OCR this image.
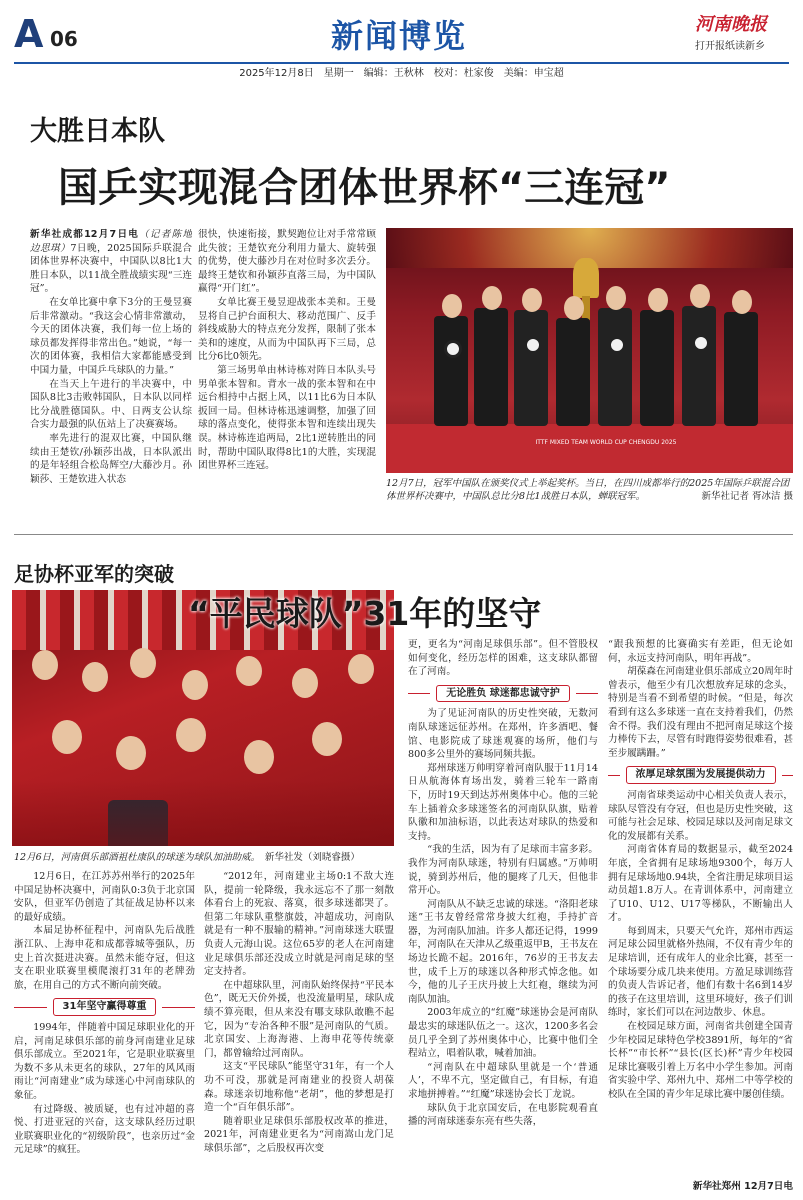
A 06	新闻博览	河南晚报
打开报纸读新乡
2025年12月8日　星期一　编辑：王秋林　校对：杜家俊　美编：申宝超
大胜日本队
国乒实现混合团体世界杯“三连冠”

新华社成都12月7日电（记者陈地　边思琪）7日晚，2025国际乒联混合团体世界杯决赛中，中国队以8比1大胜日本队，以11战全胜战绩实现“三连冠”。

在女单比赛中拿下3分的王曼昱赛后非常激动。“我这会心情非常激动，今天的团体决赛，我们每一位上场的球员都发挥得非常出色。”她说，“每一次的团体赛，我相信大家都能感受到中国力量，中国乒乓球队的力量。”

在当天上午进行的半决赛中，中国队8比3击败韩国队，日本队以同样比分战胜德国队。中、日两支公认综合实力最强的队伍站上了决赛赛场。

率先进行的混双比赛，中国队继续由王楚钦/孙颖莎出战，日本队派出的是年轻组合松岛辉空/大藤沙月。孙颖莎、王楚钦进入状态

很快，快速衔接，默契跑位让对手常常顾此失彼；王楚钦充分利用力量大、旋转强的优势，使大藤沙月在对位时多次丢分。最终王楚钦和孙颖莎直落三局，为中国队赢得“开门红”。

女单比赛王曼昱迎战张本美和。王曼昱将自己护台面积大、移动范围广、反手斜线威胁大的特点充分发挥，限制了张本美和的速度，从而为中国队再下三局，总比分6比0领先。

第三场男单由林诗栋对阵日本队头号男单张本智和。背水一战的张本智和在中远台相持中占据上风，以11比6为日本队扳回一局。但林诗栋迅速调整，加强了回球的落点变化，使得张本智和连续出现失误。林诗栋连追两局，2比1逆转胜出的同时，帮助中国队取得8比1的大胜，实现混团世界杯三连冠。

ITTF MIXED TEAM WORLD CUP CHENGDU 2025
12月7日，冠军中国队在颁奖仪式上举起奖杯。当日，在四川成都举行的2025年国际乒联混合团体世界杯决赛中，中国队总比分8比1战胜日本队，蝉联冠军。	新华社记者 胥冰洁 摄
足协杯亚军的突破
“平民球队”31年的坚守
12月6日，河南俱乐部酒祖杜康队的球迷为球队加油助威。　 新华社发（刘晓睿摄）

12月6日，在江苏苏州举行的2025年中国足协杯决赛中，河南队0:3负于北京国安队，但亚军仍创造了其征战足协杯以来的最好成绩。

本届足协杯征程中，河南队先后战胜浙江队、上海申花和成都蓉城等强队，历史上首次挺进决赛。虽然未能夺冠，但这支在职业联赛里模爬滚打31年的老牌劲旅，在用自己的方式不断向前突破。

31年坚守赢得尊重

1994年，伴随着中国足球职业化的开启，河南足球俱乐部的前身河南建业足球俱乐部成立。至2021年，它是职业联赛里为数不多从未更名的球队，27年的风风雨雨让“河南建业”成为球迷心中河南球队的象征。

有过降级、被质疑，也有过冲超的喜悦、打进亚冠的兴奋，这支球队经历过职业联赛职业化的“初级阶段”，也亲历过“金元足球”的疯狂。

“2012年，河南建业主场0:1不敌大连队，提前一轮降级，我永远忘不了那一刻散体看台上的死寂、落寞，很多球迷都哭了。但第二年球队重整旗鼓，冲超成功，河南队就是有一种不服输的精神。”河南球迷大联盟负责人元海山说。这位65岁的老人在河南建业足球俱乐部还没成立时就是河南足球的坚定支持者。

在中超球队里，河南队始终保持“平民本色”，既无天价外援，也没流量明星，球队成绩不算亮眼，但从来没有哪支球队敢瞧不起它，因为“专治各种不服”是河南队的气质。北京国安、上海海港、上海申花等传统豪门，都曾输给过河南队。

这支“平民球队”能坚守31年，有一个人功不可没，那就是河南建业的投资人胡葆森。球迷亲切地称他“老胡”，他的梦想是打造一个“百年俱乐部”。

随着职业足球俱乐部股权改革的推进，2021年，河南建业更名为“河南嵩山龙门足球俱乐部”，之后股权再次变

更，更名为“河南足球俱乐部”。但不管股权如何变化，经历怎样的困难，这支球队都留在了河南。

无论胜负 球迷都忠诚守护

为了见证河南队的历史性突破，无数河南队球迷远征苏州。在郑州，许多酒吧、餐馆、电影院成了球迷观赛的场所，他们与800多公里外的赛场同频共振。

郑州球迷万帅明穿着河南队服于11月14日从航海体育场出发，骑着三轮车一路南下，历时19天到达苏州奥体中心。他的三轮车上插着众多球迷签名的河南队队旗，贴着队徽和加油标语，以此表达对球队的热爱和支持。

“我的生活，因为有了足球而丰富多彩。我作为河南队球迷，特别有归属感。”万帅明说，骑到苏州后，他的腿疼了几天，但他非常开心。

河南队从不缺乏忠诚的球迷。“洛阳老球迷”王书友曾经常常身披大红袍，手持扩音器，为河南队加油。许多人都还记得，1999年，河南队在天津从乙级重返甲B，王书友在场边长跪不起。2016年，76岁的王书友去世，成千上万的球迷以各种形式悼念他。如今，他的儿子王庆丹披上大红袍，继续为河南队加油。

2003年成立的“红魔”球迷协会是河南队最忠实的球迷队伍之一。这次，1200多名会员几乎全到了苏州奥体中心，比赛中他们全程站立，唱着队歌，喊着加油。

“河南队在中超球队里就是一个‘普通人’，不卑不亢，坚定做自己，有目标，有追求地拼搏着。”“红魔”球迷协会长丁龙说。

球队负于北京国安后，在电影院观看直播的河南球迷泰东亮有些失落，

“跟我预想的比赛确实有差距，但无论如何，永远支持河南队，明年再战”。

胡葆森在河南建业俱乐部成立20周年时曾表示，他至少有几次想放弃足球的念头，特别是当看不到希望的时候。“但是，每次看到有这么多球迷一直在支持着我们，仍然舍不得。我们没有理由不把河南足球这个接力棒传下去，尽管有时跑得姿势很难看，甚至步履蹒跚。”

浓厚足球氛围为发展提供动力

河南省球类运动中心相关负责人表示，球队尽管没有夺冠，但也是历史性突破，这可能与社会足球、校园足球以及河南足球文化的发展都有关系。

河南省体育局的数据显示，截至2024年底，全省拥有足球场地9300个，每万人拥有足球场地0.94块，全省注册足球项目运动员超1.8万人。在青训体系中，河南建立了U10、U12、U17等梯队，不断输出人才。

每到周末，只要天气允许，郑州市西运河足球公园里就格外热闹，不仅有青少年的足球培训，还有成年人的业余比赛，甚至一个球场要分成几块来使用。方盈足球训练营的负责人告诉记者，他们有数十名6到14岁的孩子在这里培训，这里环境好，孩子们训练时，家长们可以在河边散步、休息。

在校园足球方面，河南省共创建全国青少年校园足球特色学校3891所，每年的“省长杯”“市长杯”“县长(区长)杯”青少年校园足球比赛吸引着上万名中小学生参加。河南省实验中学、郑州九中、郑州二中等学校的校队在全国的青少年足球比赛中屡创佳绩。

新华社郑州 12月7日电
